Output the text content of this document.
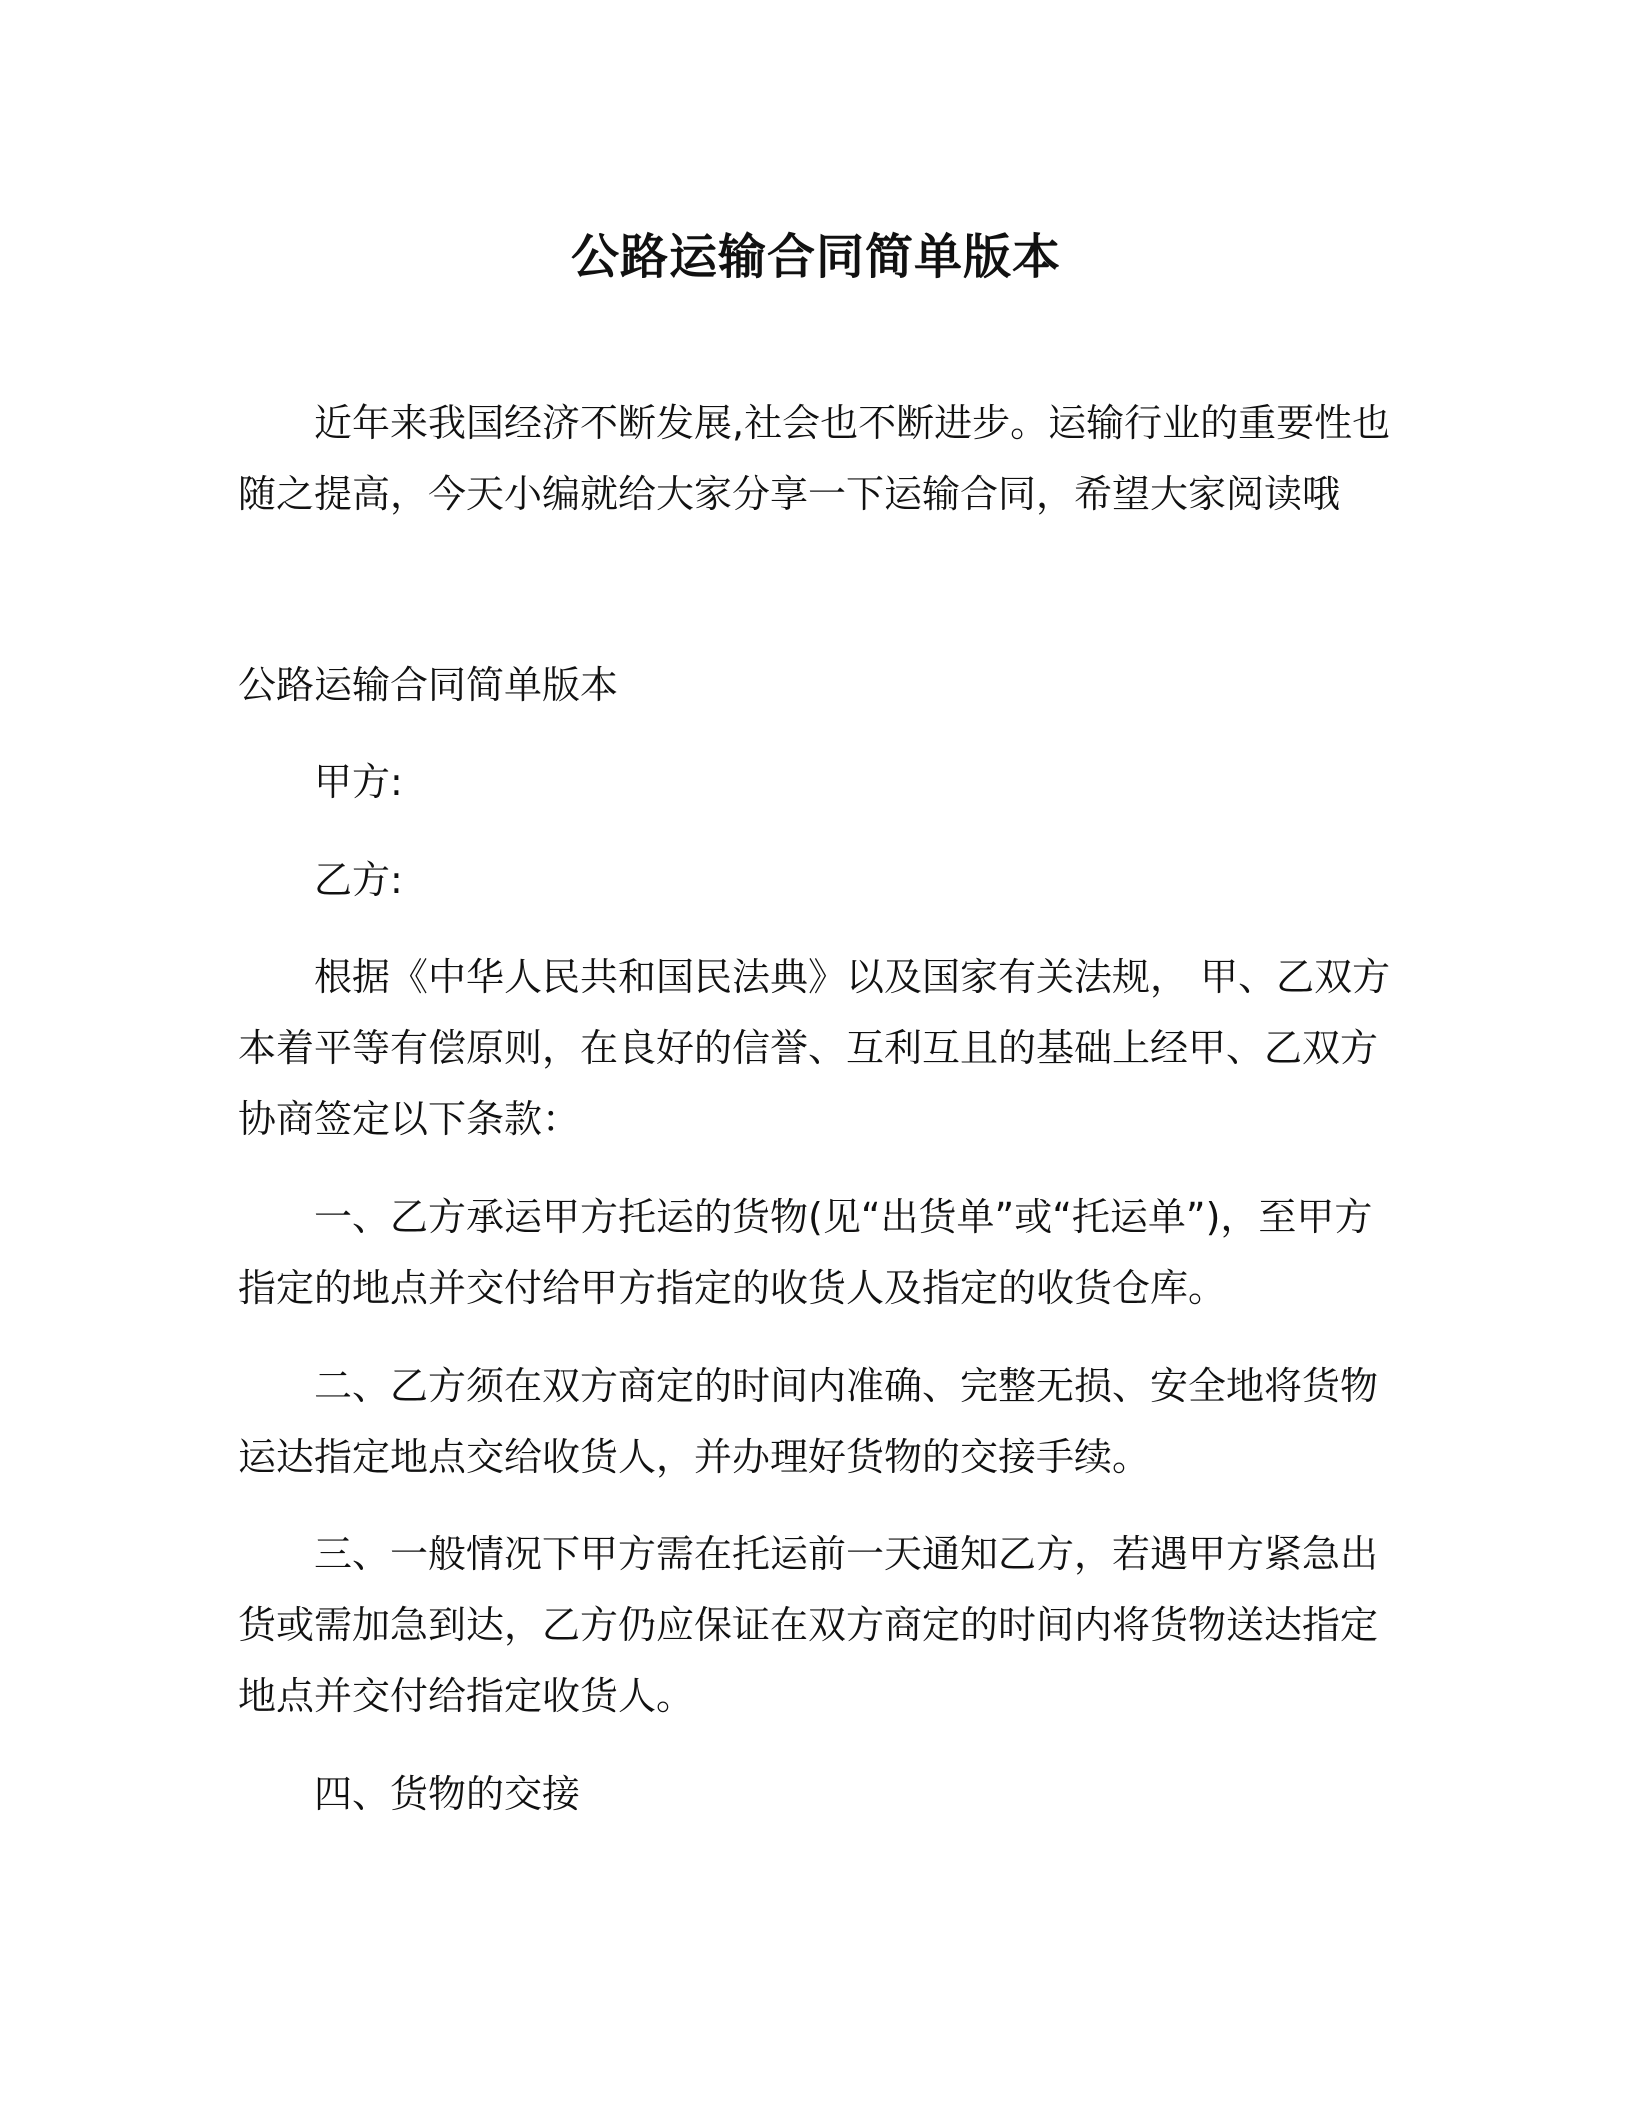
公路运输合同简单版本

近年来我国经济不断发展,社会也不断进步。运输行业的重要性也随之提高，今天小编就给大家分享一下运输合同，希望大家阅读哦

公路运输合同简单版本

甲方:

乙方:

根据《中华人民共和国民法典》以及国家有关法规， 甲、乙双方本着平等有偿原则，在良好的信誉、互利互且的基础上经甲、乙双方协商签定以下条款：

一、乙方承运甲方托运的货物(见“出货单”或“托运单”)，至甲方指定的地点并交付给甲方指定的收货人及指定的收货仓库。

二、乙方须在双方商定的时间内准确、完整无损、安全地将货物运达指定地点交给收货人，并办理好货物的交接手续。

三、一般情况下甲方需在托运前一天通知乙方，若遇甲方紧急出货或需加急到达，乙方仍应保证在双方商定的时间内将货物送达指定地点并交付给指定收货人。

四、货物的交接
